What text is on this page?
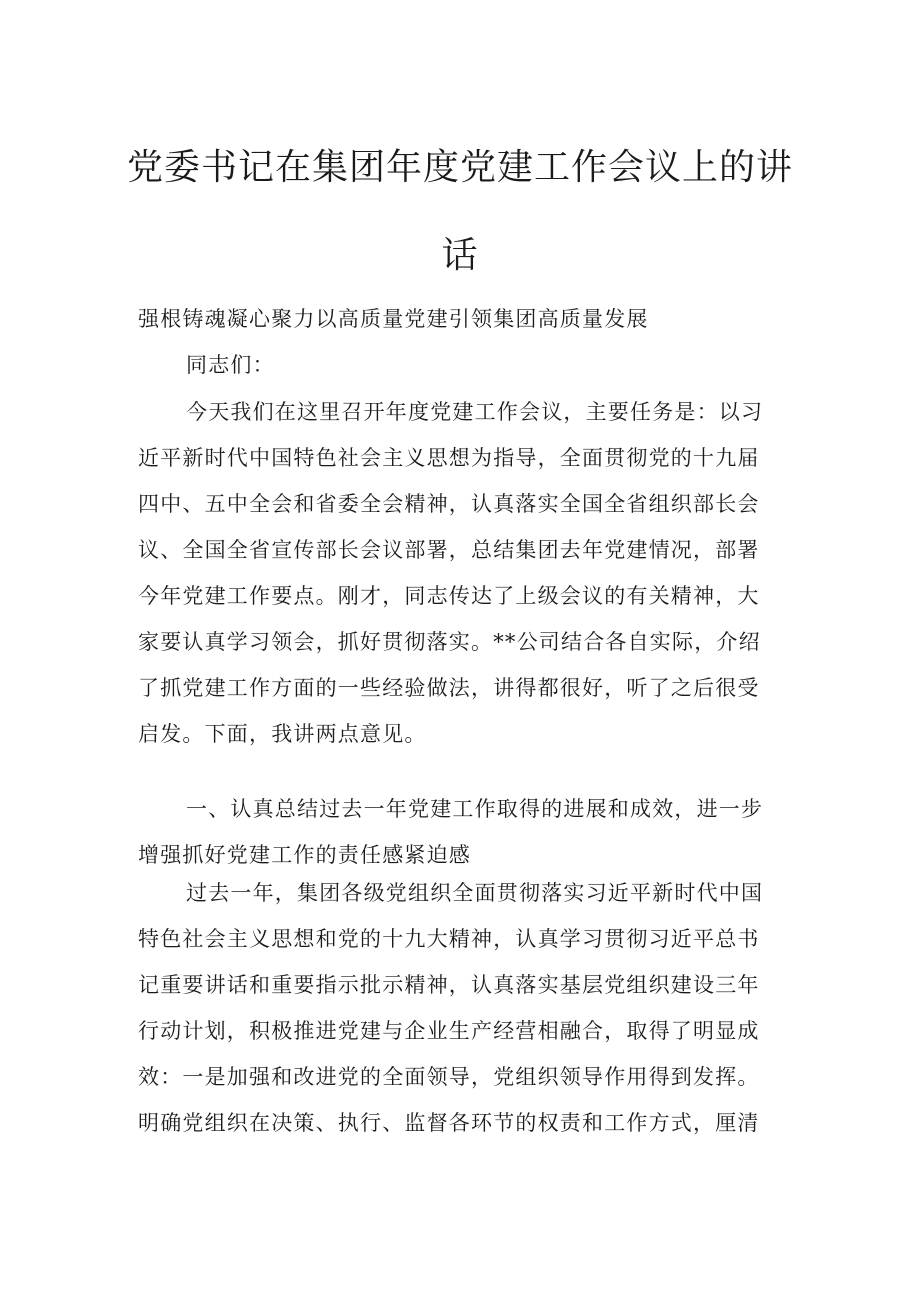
党委书记在集团年度党建工作会议上的讲
话

强根铸魂凝心聚力以高质量党建引领集团高质量发展

同志们：

今天我们在这里召开年度党建工作会议，主要任务是：以习
近平新时代中国特色社会主义思想为指导，全面贯彻党的十九届
四中、五中全会和省委全会精神，认真落实全国全省组织部长会
议、全国全省宣传部长会议部署，总结集团去年党建情况，部署
今年党建工作要点。刚才，同志传达了上级会议的有关精神，大
家要认真学习领会，抓好贯彻落实。**公司结合各自实际，介绍
了抓党建工作方面的一些经验做法，讲得都很好，听了之后很受
启发。下面，我讲两点意见。
一、认真总结过去一年党建工作取得的进展和成效，进一步
增强抓好党建工作的责任感紧迫感
过去一年，集团各级党组织全面贯彻落实习近平新时代中国
特色社会主义思想和党的十九大精神，认真学习贯彻习近平总书
记重要讲话和重要指示批示精神，认真落实基层党组织建设三年
行动计划，积极推进党建与企业生产经营相融合，取得了明显成
效：一是加强和改进党的全面领导，党组织领导作用得到发挥。
明确党组织在决策、执行、监督各环节的权责和工作方式，厘清
